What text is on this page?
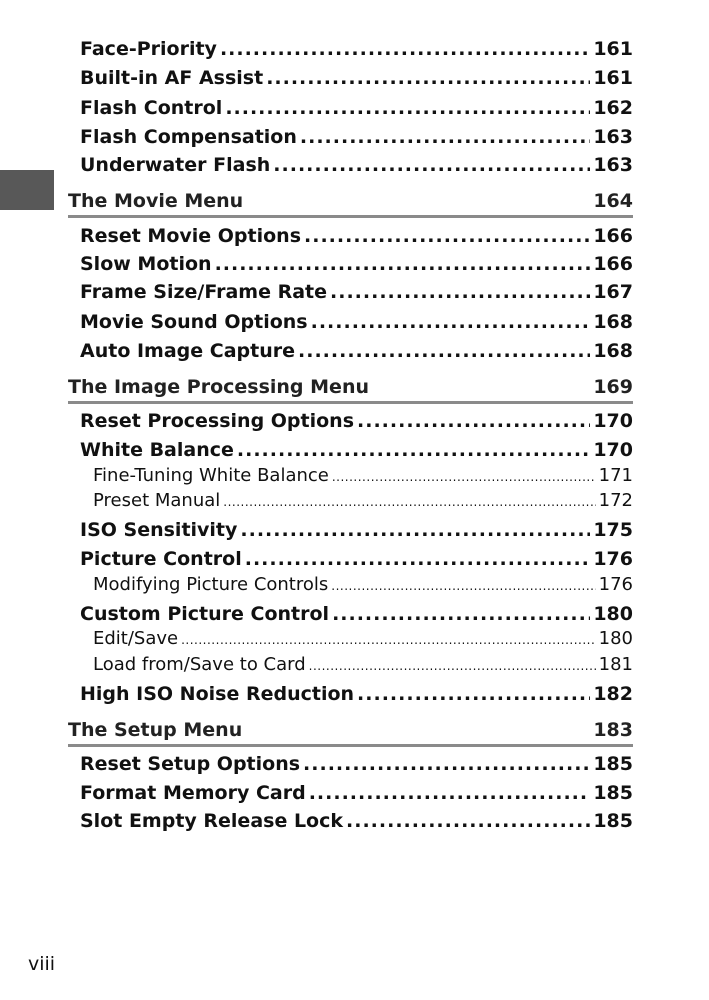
Face-Priority .....	161
Built-in AF Assist .....	161
Flash Control .....	162
Flash Compensation .....	163
Underwater Flash .....	163
The Movie Menu	164
Reset Movie Options .....	166
Slow Motion .....	166
Frame Size/Frame Rate .....	167
Movie Sound Options .....	168
Auto Image Capture .....	168
The Image Processing Menu	169
Reset Processing Options .....	170
White Balance .....	170
Fine-Tuning White Balance .....	171
Preset Manual .....	172
ISO Sensitivity .....	175
Picture Control .....	176
Modifying Picture Controls .....	176
Custom Picture Control .....	180
Edit/Save .....	180
Load from/Save to Card .....	181
High ISO Noise Reduction .....	182
The Setup Menu	183
Reset Setup Options .....	185
Format Memory Card .....	185
Slot Empty Release Lock .....	185
viii
